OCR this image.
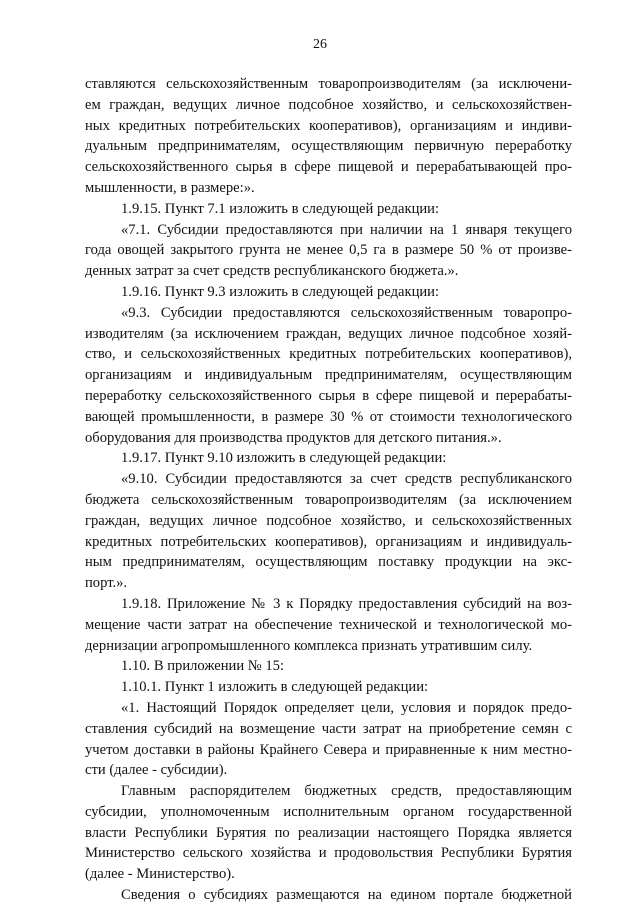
26
ставляются сельскохозяйственным товаропроизводителям (за исключени-
ем граждан, ведущих личное подсобное хозяйство, и сельскохозяйствен-
ных кредитных потребительских кооперативов), организациям и индиви-
дуальным предпринимателям, осуществляющим первичную переработку
сельскохозяйственного сырья в сфере пищевой и перерабатывающей про-
мышленности, в размере:».
1.9.15. Пункт 7.1 изложить в следующей редакции:
«7.1. Субсидии предоставляются при наличии на 1 января текущего
года овощей закрытого грунта не менее 0,5 га в размере 50 % от произве-
денных затрат за счет средств республиканского бюджета.».
1.9.16. Пункт 9.3 изложить в следующей редакции:
«9.3. Субсидии предоставляются сельскохозяйственным товаропро-
изводителям (за исключением граждан, ведущих личное подсобное хозяй-
ство, и сельскохозяйственных кредитных потребительских кооперативов),
организациям и индивидуальным предпринимателям, осуществляющим
переработку сельскохозяйственного сырья в сфере пищевой и перерабаты-
вающей промышленности, в размере 30 % от стоимости технологического
оборудования для производства продуктов для детского питания.».
1.9.17. Пункт 9.10 изложить в следующей редакции:
«9.10. Субсидии предоставляются за счет средств республиканского
бюджета сельскохозяйственным товаропроизводителям (за исключением
граждан, ведущих личное подсобное хозяйство, и сельскохозяйственных
кредитных потребительских кооперативов), организациям и индивидуаль-
ным предпринимателям, осуществляющим поставку продукции на экс-
порт.».
1.9.18. Приложение № 3 к Порядку предоставления субсидий на воз-
мещение части затрат на обеспечение технической и технологической мо-
дернизации агропромышленного комплекса признать утратившим силу.
1.10. В приложении № 15:
1.10.1. Пункт 1 изложить в следующей редакции:
«1. Настоящий Порядок определяет цели, условия и порядок предо-
ставления субсидий на возмещение части затрат на приобретение семян с
учетом доставки в районы Крайнего Севера и приравненные к ним местно-
сти (далее - субсидии).
Главным распорядителем бюджетных средств, предоставляющим
субсидии, уполномоченным исполнительным органом государственной
власти Республики Бурятия по реализации настоящего Порядка является
Министерство сельского хозяйства и продовольствия Республики Бурятия
(далее - Министерство).
Сведения о субсидиях размещаются на едином портале бюджетной
